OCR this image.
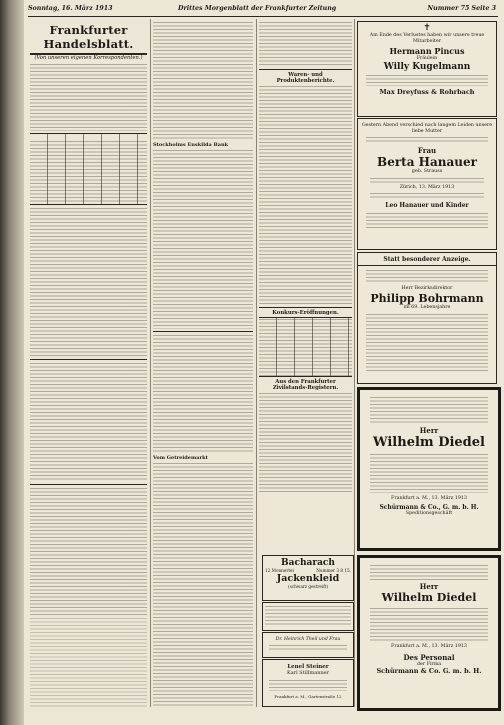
Sonntag, 16. März 1913	Drittes Morgenblatt der Frankfurter Zeitung	Nummer 75 Seite 3
Frankfurter Handelsblatt.
(Von unseren eigenen Korrespondenten.)
Stockholms Enskilda Bank
Vom Getreidemarkt
Waren- und Produktenberichte.
Konkurs-Eröffnungen.
Aus den Frankfurter Zivilstands-Registern.
Bacharach
12 Monnertei	Nummer 3 8 15.
Jackenkleid
(schwarz gestreift)
Dr. Heinrich Theil und Frau
Lenel Steiner
Karl Stillmanner
Frankfurt a. M., Gartenstraße 12
✝
Am Ende des Verlustes haben wir unsere treue Mitarbeiter
Hermann Pincus
Fräulein
Willy Kugelmann
Max Dreyfuss & Rohrbach
Gestern Abend verschied nach langem Leiden unsere liebe Mutter
Frau
Berta Hanauer
geb. Strauss
Zürich, 13. März 1913
Leo Hanauer und Kinder
Statt besonderer Anzeige.
Herr Bezirksdirektor
Philipp Bohrmann
im 69. Lebensjahre
Herr
Wilhelm Diedel
Frankfurt a. M., 13. März 1913
Schürmann & Co., G. m. b. H.
Speditionsgeschäft
Herr
Wilhelm Diedel
Frankfurt a. M., 13. März 1913
Des Personal
der Firma
Schürmann & Co. G. m. b. H.
